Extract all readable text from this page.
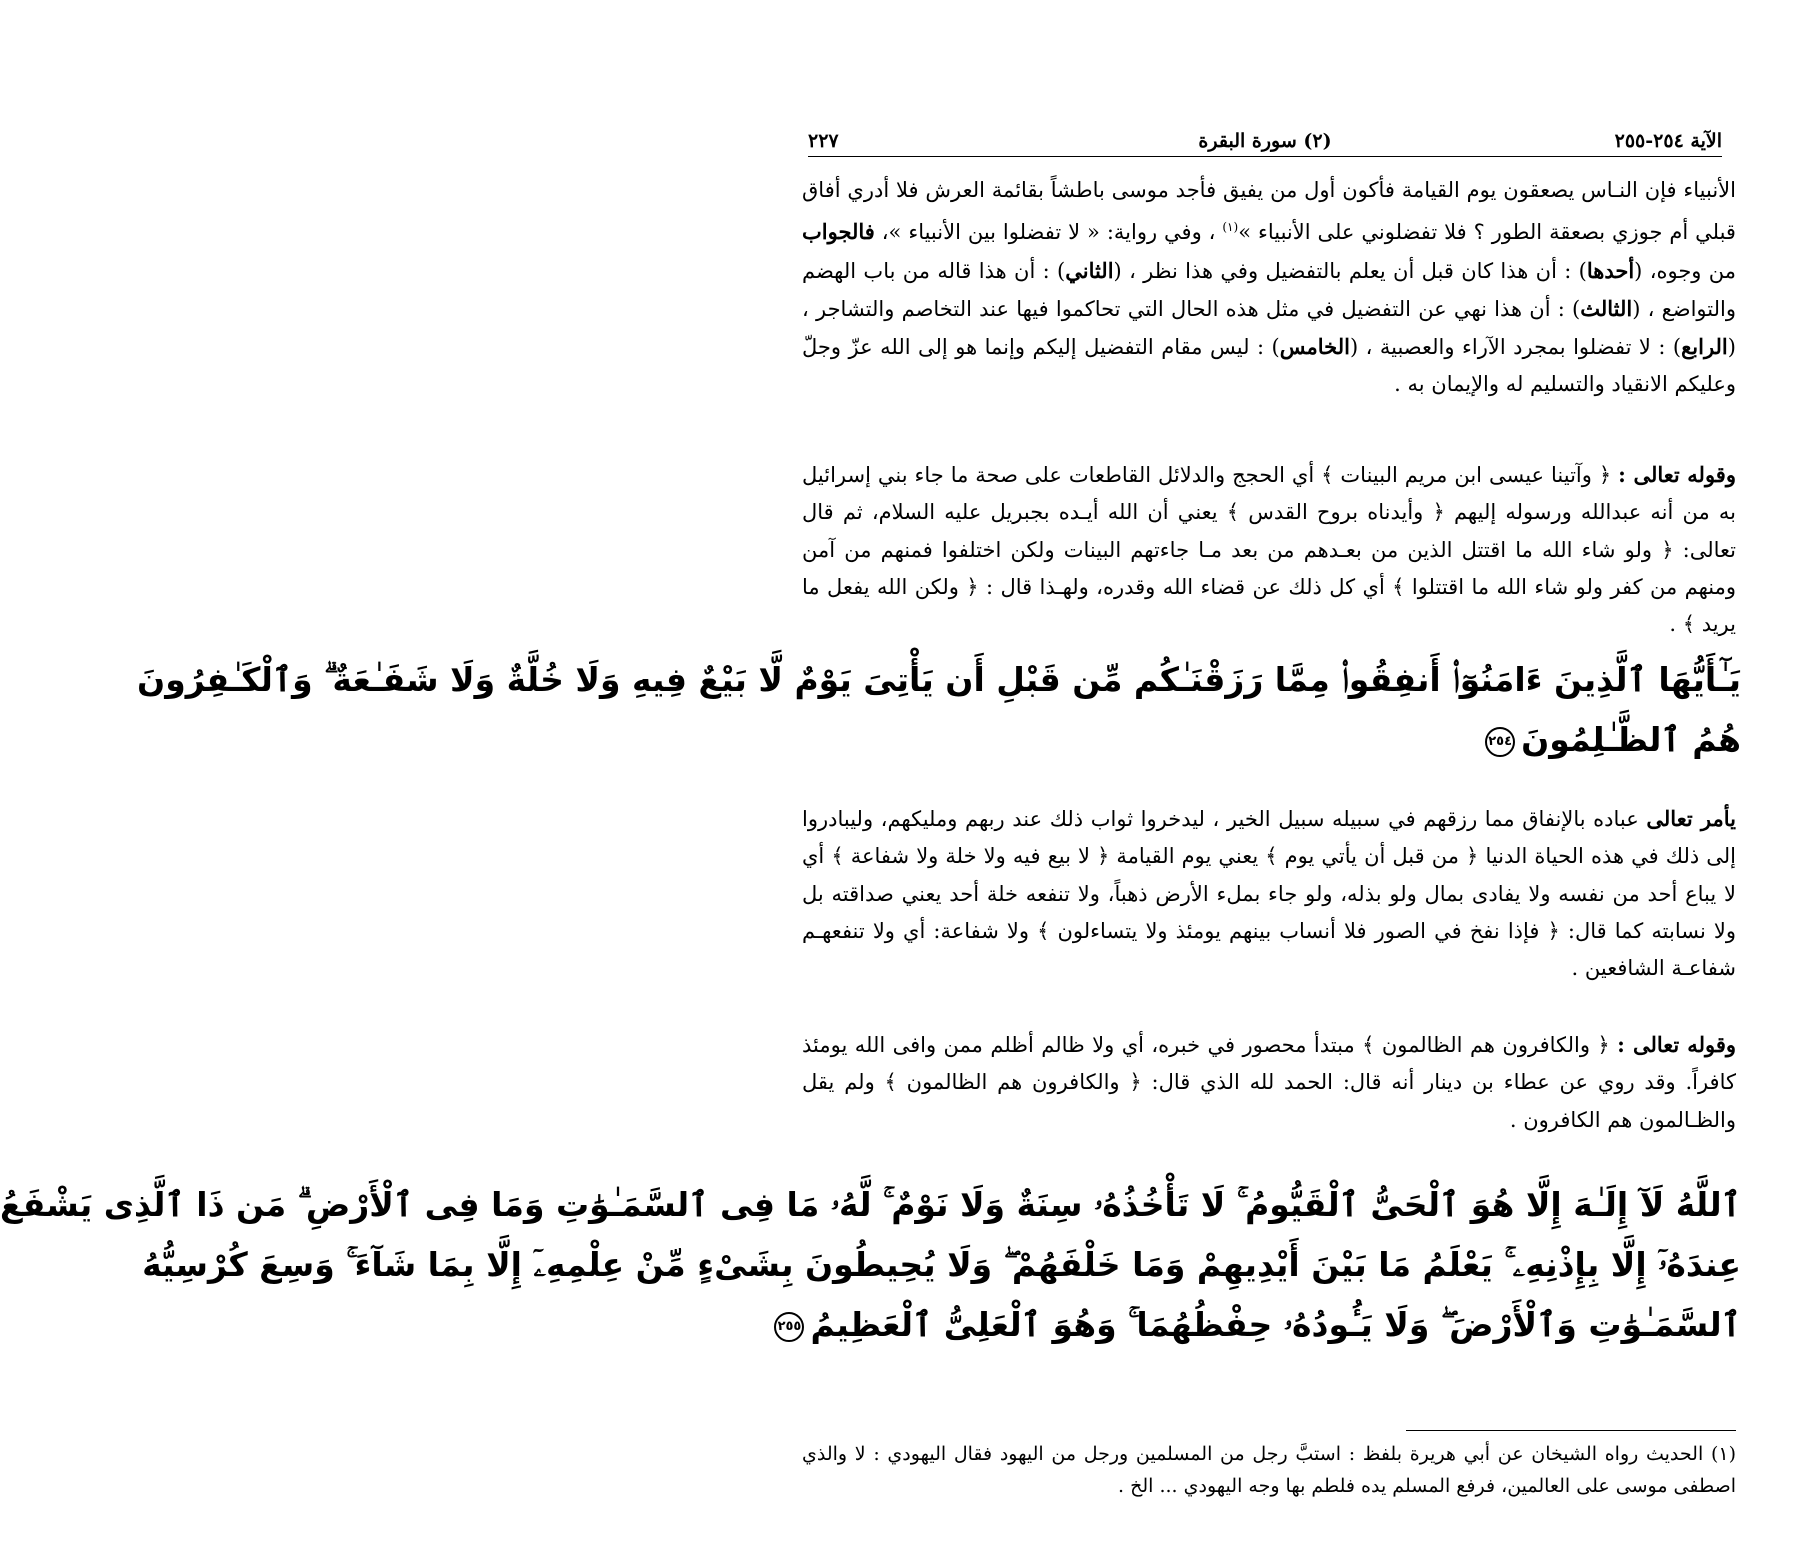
الآية ٢٥٤-٢٥٥
(٢) سورة البقرة
٢٢٧
الأنبياء فإن النـاس يصعقون يوم القيامة فأكون أول من يفيق فأجد موسى باطشاً بقائمة العرش فلا أدري أفاق قبلي أم جوزي بصعقة الطور ؟ فلا تفضلوني على الأنبياء »$^{(١)}$ ، وفي رواية: « لا تفضلوا بين الأنبياء »، فالجواب من وجوه، (أحدها) : أن هذا كان قبل أن يعلم بالتفضيل وفي هذا نظر ، (الثاني) : أن هذا قاله من باب الهضم والتواضع ، (الثالث) : أن هذا نهي عن التفضيل في مثل هذه الحال التي تحاكموا فيها عند التخاصم والتشاجر ، (الرابع) : لا تفضلوا بمجرد الآراء والعصبية ، (الخامس) : ليس مقام التفضيل إليكم وإنما هو إلى الله عزّ وجلّ وعليكم الانقياد والتسليم له والإيمان به .
وقوله تعالى : ﴿ وآتينا عيسى ابن مريم البينات ﴾ أي الحجج والدلائل القاطعات على صحة ما جاء بني إسرائيل به من أنه عبدالله ورسوله إليهم ﴿ وأيدناه بروح القدس ﴾ يعني أن الله أيـده بجبريل عليه السلام، ثم قال تعالى: ﴿ ولو شاء الله ما اقتتل الذين من بعـدهم من بعد مـا جاءتهم البينات ولكن اختلفوا فمنهم من آمن ومنهم من كفر ولو شاء الله ما اقتتلوا ﴾ أي كل ذلك عن قضاء الله وقدره، ولهـذا قال : ﴿ ولكن الله يفعل ما يريد ﴾ .
يَـٰٓأَيُّهَا ٱلَّذِينَ ءَامَنُوٓا۟ أَنفِقُوا۟ مِمَّا رَزَقْنَـٰكُم مِّن قَبْلِ أَن يَأْتِىَ يَوْمٌ لَّا بَيْعٌ فِيهِ وَلَا خُلَّةٌ وَلَا شَفَـٰعَةٌ ۗ وَٱلْكَـٰفِرُونَ
هُمُ ٱلظَّـٰلِمُونَ٢٥٤
يأمر تعالى عباده بالإنفاق مما رزقهم في سبيله سبيل الخير ، ليدخروا ثواب ذلك عند ربهم ومليكهم، وليبادروا إلى ذلك في هذه الحياة الدنيا ﴿ من قبل أن يأتي يوم ﴾ يعني يوم القيامة ﴿ لا بيع فيه ولا خلة ولا شفاعة ﴾ أي لا يباع أحد من نفسه ولا يفادى بمال ولو بذله، ولو جاء بملء الأرض ذهباً، ولا تنفعه خلة أحد يعني صداقته بل ولا نسابته كما قال: ﴿ فإذا نفخ في الصور فلا أنساب بينهم يومئذ ولا يتساءلون ﴾ ولا شفاعة: أي ولا تنفعهـم شفاعـة الشافعين .
وقوله تعالى : ﴿ والكافرون هم الظالمون ﴾ مبتدأ محصور في خبره، أي ولا ظالم أظلم ممن وافى الله يومئذ كافراً. وقد روي عن عطاء بن دينار أنه قال: الحمد لله الذي قال: ﴿ والكافرون هم الظالمون ﴾ ولم يقل والظـالمون هم الكافرون .
ٱللَّهُ لَآ إِلَـٰهَ إِلَّا هُوَ ٱلْحَىُّ ٱلْقَيُّومُ ۚ لَا تَأْخُذُهُۥ سِنَةٌ وَلَا نَوْمٌ ۚ لَّهُۥ مَا فِى ٱلسَّمَـٰوَٰتِ وَمَا فِى ٱلْأَرْضِ ۗ مَن ذَا ٱلَّذِى يَشْفَعُ
عِندَهُۥٓ إِلَّا بِإِذْنِهِۦ ۚ يَعْلَمُ مَا بَيْنَ أَيْدِيهِمْ وَمَا خَلْفَهُمْ ۖ وَلَا يُحِيطُونَ بِشَىْءٍ مِّنْ عِلْمِهِۦٓ إِلَّا بِمَا شَآءَ ۚ وَسِعَ كُرْسِيُّهُ
ٱلسَّمَـٰوَٰتِ وَٱلْأَرْضَ ۖ وَلَا يَـُٔودُهُۥ حِفْظُهُمَا ۚ وَهُوَ ٱلْعَلِىُّ ٱلْعَظِيمُ٢٥٥
(١) الحديث رواه الشيخان عن أبي هريرة بلفظ : استبَّ رجل من المسلمين ورجل من اليهود فقال اليهودي : لا والذي اصطفى موسى على العالمين، فرفع المسلم يده فلطم بها وجه اليهودي ... الخ .
